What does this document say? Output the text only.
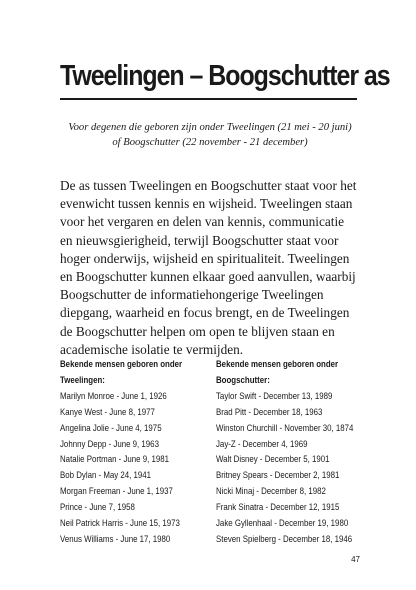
Tweelingen – Boogschutter as
Voor degenen die geboren zijn onder Tweelingen (21 mei - 20 juni)
of Boogschutter (22 november - 21 december)
De as tussen Tweelingen en Boogschutter staat voor het
evenwicht tussen kennis en wijsheid. Tweelingen staan
voor het vergaren en delen van kennis, communicatie
en nieuwsgierigheid, terwijl Boogschutter staat voor
hoger onderwijs, wijsheid en spiritualiteit. Tweelingen
en Boogschutter kunnen elkaar goed aanvullen, waarbij
Boogschutter de informatiehongerige Tweelingen
diepgang, waarheid en focus brengt, en de Tweelingen
de Boogschutter helpen om open te blijven staan en
academische isolatie te vermijden.
Bekende mensen geboren onder
Tweelingen:
Marilyn Monroe - June 1, 1926
Kanye West - June 8, 1977
Angelina Jolie - June 4, 1975
Johnny Depp - June 9, 1963
Natalie Portman - June 9, 1981
Bob Dylan - May 24, 1941
Morgan Freeman - June 1, 1937
Prince - June 7, 1958
Neil Patrick Harris - June 15, 1973
Venus Williams - June 17, 1980
Bekende mensen geboren onder
Boogschutter:
Taylor Swift - December 13, 1989
Brad Pitt - December 18, 1963
Winston Churchill - November 30, 1874
Jay-Z - December 4, 1969
Walt Disney - December 5, 1901
Britney Spears - December 2, 1981
Nicki Minaj - December 8, 1982
Frank Sinatra - December 12, 1915
Jake Gyllenhaal - December 19, 1980
Steven Spielberg - December 18, 1946
47
